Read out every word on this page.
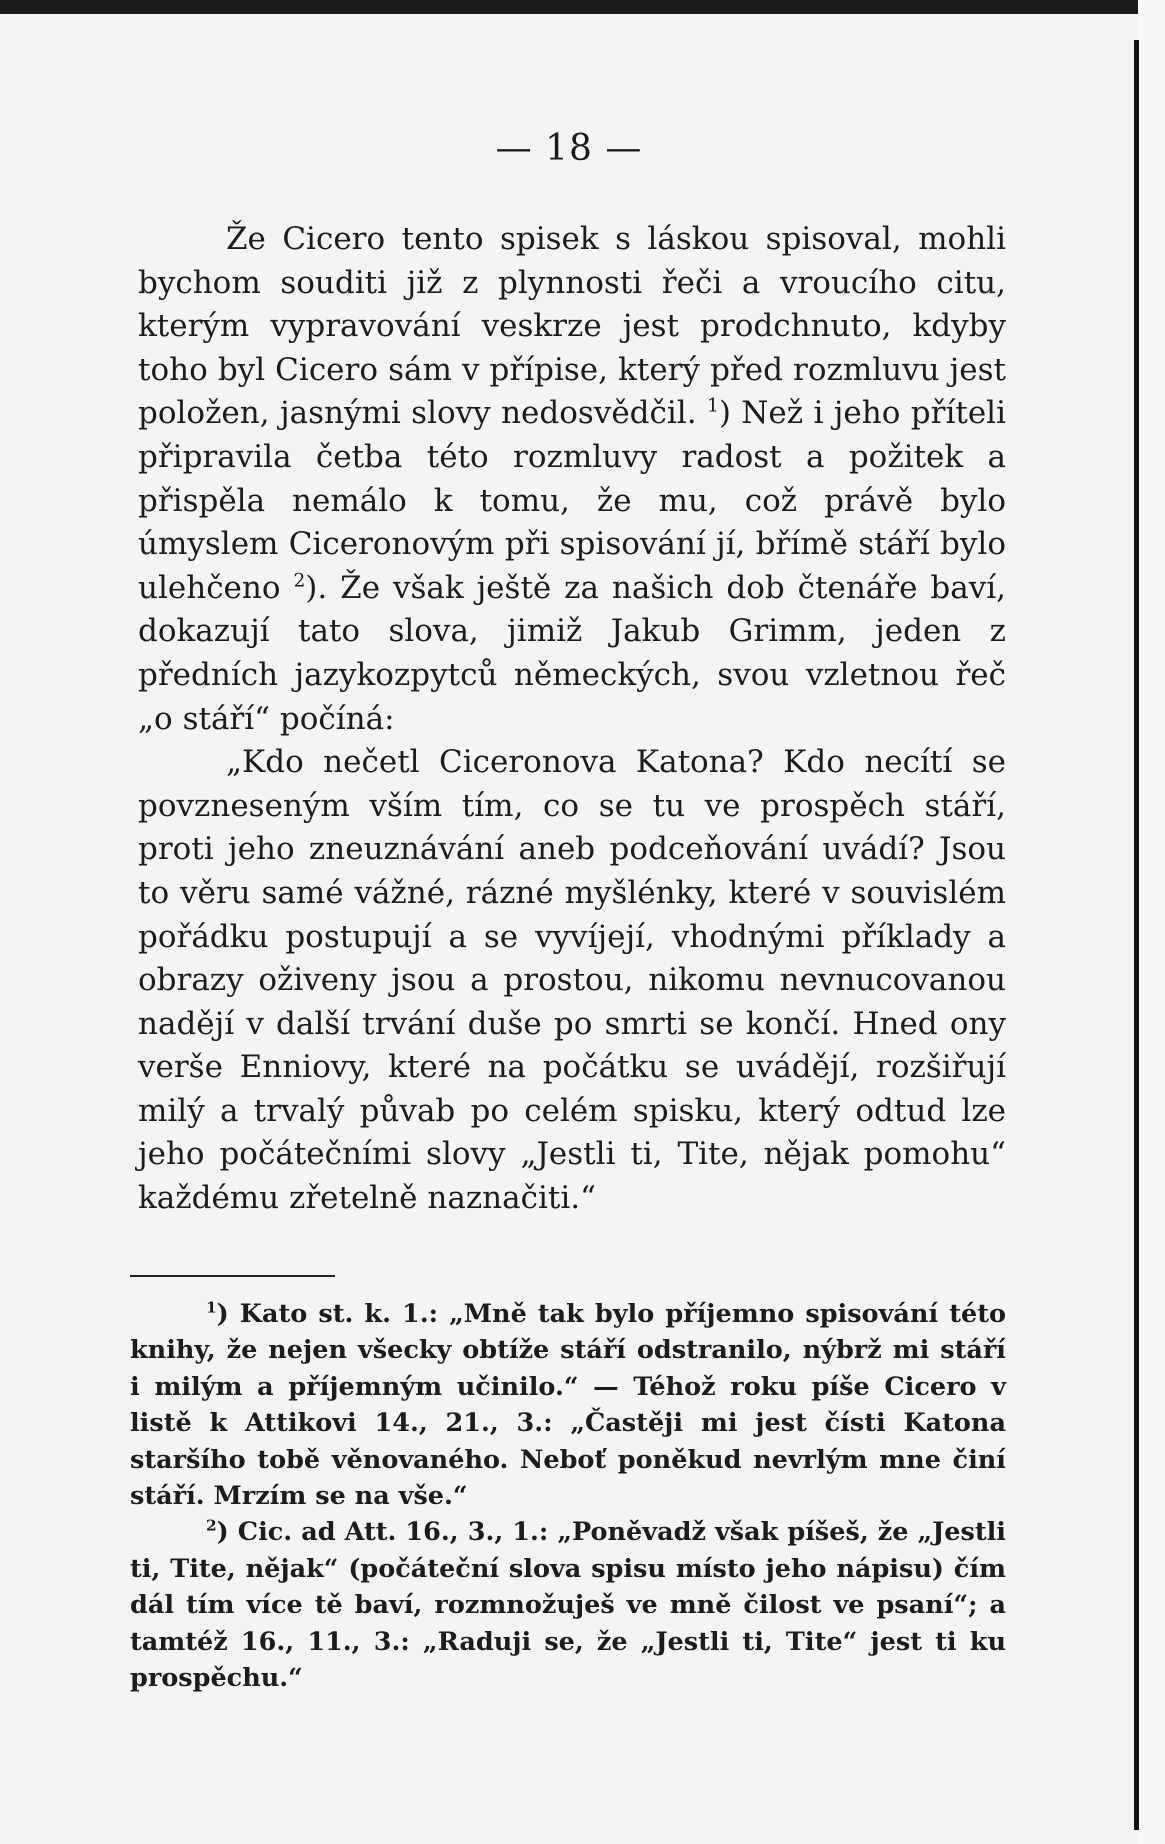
— 18 —

Že Cicero tento spisek s láskou spisoval, mohli bychom souditi již z plynnosti řeči a vroucího citu, kterým vypravování veskrze jest prodchnuto, kdyby toho byl Cicero sám v přípise, který před rozmluvu jest položen, jasnými slovy nedosvědčil. $^1$) Než i jeho příteli připravila četba této rozmluvy radost a požitek a přispěla nemálo k tomu, že mu, což právě bylo úmyslem Ciceronovým při spisování jí, břímě stáří bylo ulehčeno $^2$). Že však ještě za našich dob čtenáře baví, dokazují tato slova, jimiž Jakub Grimm, jeden z předních jazykozpytců německých, svou vzletnou řeč „o stáří“ počíná:

„Kdo nečetl Ciceronova Katona? Kdo necítí se povzneseným vším tím, co se tu ve prospěch stáří, proti jeho zneuznávání aneb podceňování uvádí? Jsou to věru samé vážné, rázné myšlénky, které v souvislém pořádku postupují a se vyvíjejí, vhodnými příklady a obrazy oživeny jsou a prostou, nikomu nevnucovanou nadějí v další trvání duše po smrti se končí. Hned ony verše Enniovy, které na počátku se uvádějí, rozšiřují milý a trvalý půvab po celém spisku, který odtud lze jeho počátečními slovy „Jestli ti, Tite, nějak pomohu“ každému zřetelně naznačiti.“

$^1$) Kato st. k. 1.: „Mně tak bylo příjemno spisování této knihy, že nejen všecky obtíže stáří odstranilo, nýbrž mi stáří i milým a příjemným učinilo.“ — Téhož roku píše Cicero v listě k Attikovi 14., 21., 3.: „Častěji mi jest čísti Katona staršího tobě věnovaného. Neboť poněkud nevrlým mne činí stáří. Mrzím se na vše.“

$^2$) Cic. ad Att. 16., 3., 1.: „Poněvadž však píšeš, že „Jestli ti, Tite, nějak“ (počáteční slova spisu místo jeho nápisu) čím dál tím více tě baví, rozmnožuješ ve mně čilost ve psaní“; a tamtéž 16., 11., 3.: „Raduji se, že „Jestli ti, Tite“ jest ti ku prospěchu.“
